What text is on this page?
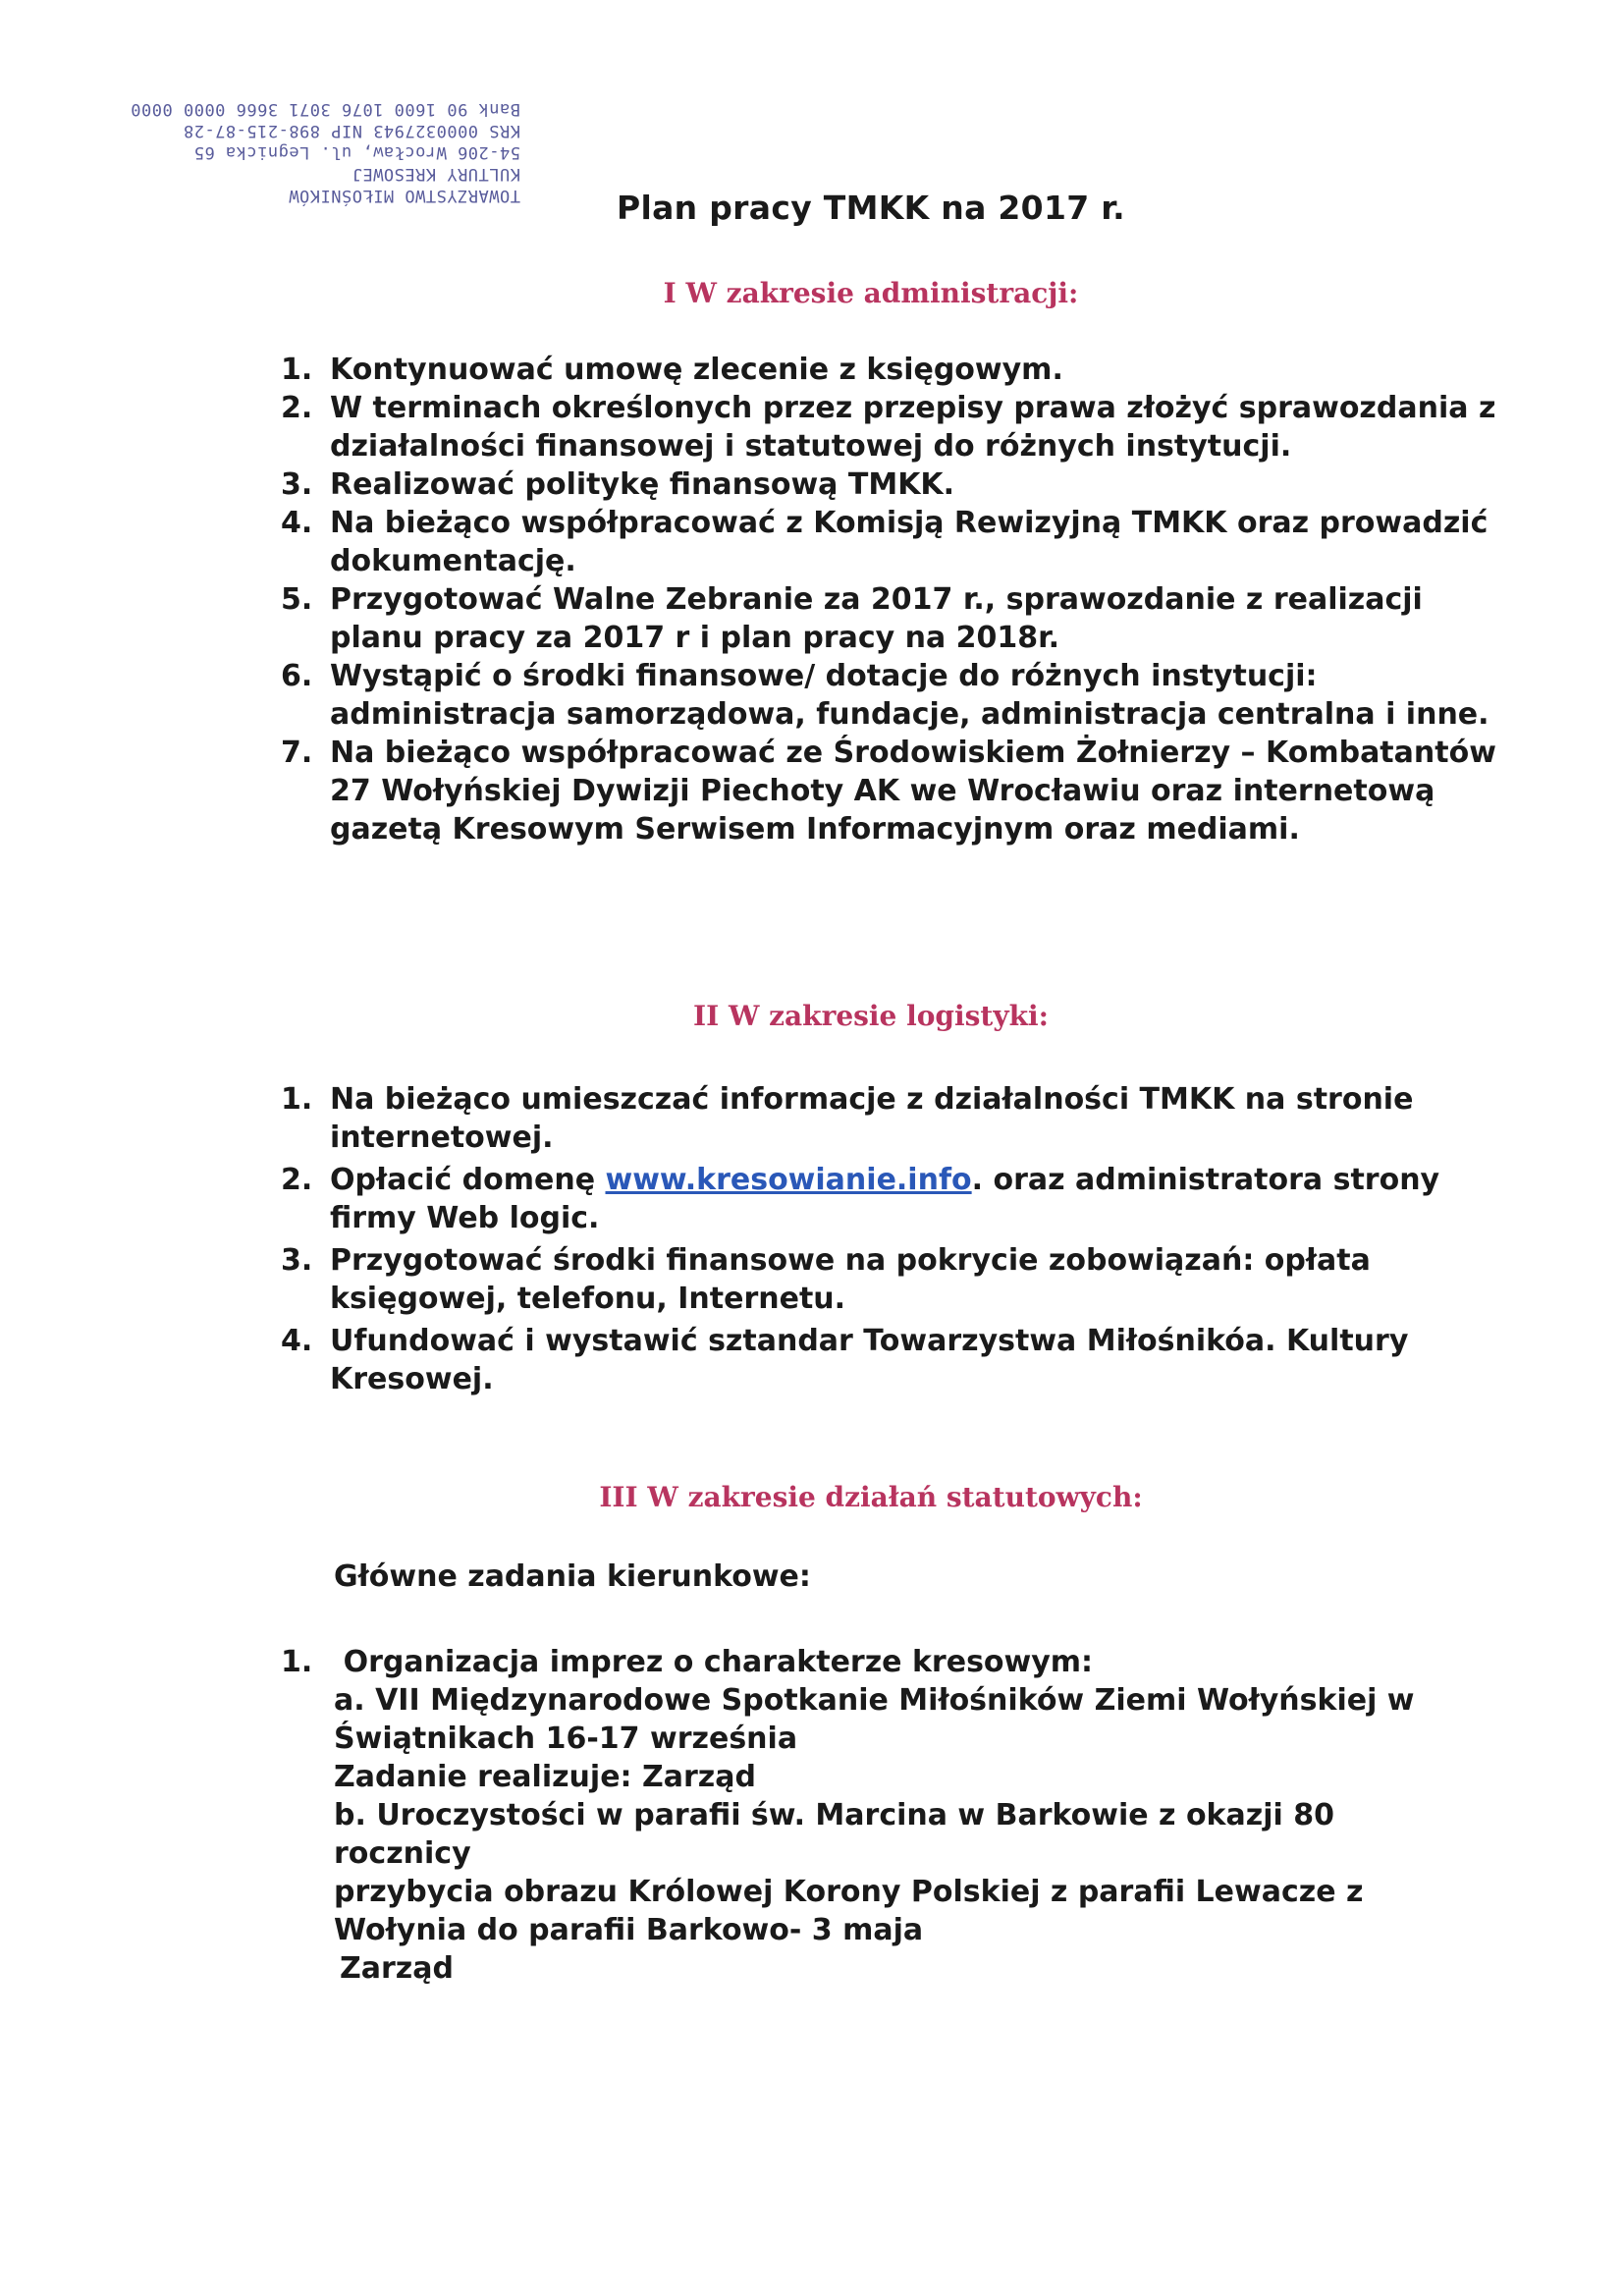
TOWARZYSTWO MIŁOŚNIKÓW
KULTURY KRESOWEJ
54-206 Wrocław, ul. Legnicka 65
KRS 0000327943 NIP 898-215-87-28
Bank 90 1600 1076 3071 3666 0000 0000
Plan pracy TMKK na 2017 r.
I W zakresie administracji:
1. Kontynuować umowę zlecenie z księgowym.
2. W terminach określonych przez przepisy prawa złożyć sprawozdania z działalności finansowej i statutowej do różnych instytucji.
3. Realizować politykę finansową TMKK.
4. Na bieżąco współpracować z Komisją Rewizyjną TMKK oraz prowadzić dokumentację.
5. Przygotować Walne Zebranie za 2017 r., sprawozdanie z realizacji planu pracy za 2017 r i plan pracy na 2018r.
6. Wystąpić o środki finansowe/ dotacje do różnych instytucji: administracja samorządowa, fundacje, administracja centralna i inne.
7. Na bieżąco współpracować ze Środowiskiem Żołnierzy – Kombatantów 27 Wołyńskiej Dywizji Piechoty AK we Wrocławiu oraz internetową gazetą Kresowym Serwisem Informacyjnym oraz mediami.
II W zakresie logistyki:
1. Na bieżąco umieszczać informacje z działalności TMKK na stronie internetowej.
2. Opłacić domenę www.kresowianie.info. oraz administratora strony firmy Web logic.
3. Przygotować środki finansowe na pokrycie zobowiązań: opłata księgowej, telefonu, Internetu.
4. Ufundować i wystawić sztandar Towarzystwa Miłośnikóa. Kultury Kresowej.
III W zakresie działań statutowych:
Główne zadania kierunkowe:
1. Organizacja imprez o charakterze kresowym:
a. VII Międzynarodowe Spotkanie Miłośników Ziemi Wołyńskiej w
Świątnikach 16-17 września
Zadanie realizuje: Zarząd
b. Uroczystości w parafii św. Marcina w Barkowie z okazji 80
rocznicy
przybycia obrazu Królowej Korony Polskiej z parafii Lewacze z
Wołynia do parafii Barkowo- 3 maja
Zarząd
